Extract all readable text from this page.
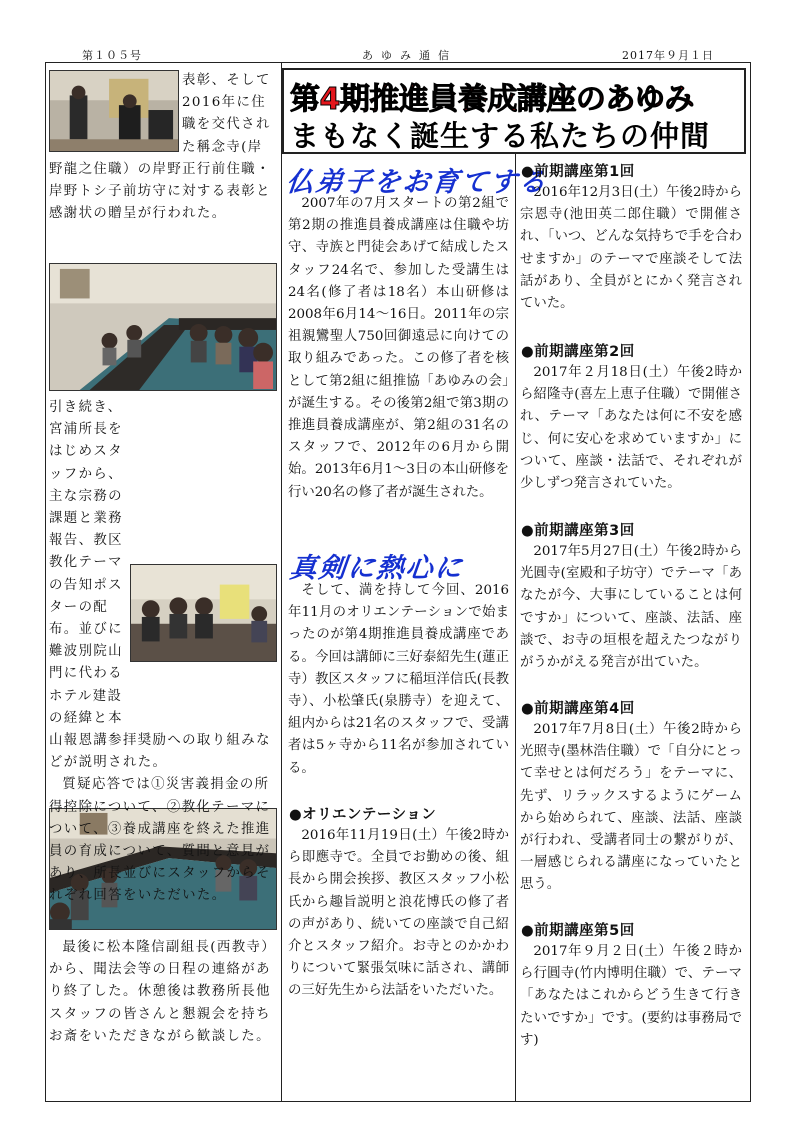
第１０５号	あゆみ通信	2017年９月１日
表彰、そして2016年に住職を交代された稱念寺(岸野龍之住職）の岸野正行前住職・岸野トシ子前坊守に対する表彰と感謝状の贈呈が行われた。
引き続き、宮浦所長をはじめスタッフから、主な宗務の課題と業務報告、教区教化テーマの告知ポスターの配布。並びに難波別院山門に代わるホテル建設の経緯と本山報恩講参拝奨励への取り組みなどが説明された。
質疑応答では①災害義捐金の所得控除について、②教化テーマについて、③養成講座を終えた推進員の育成について、質問と意見があり、所長並びにスタッフからそれぞれ回答をいただいた。
最後に松本隆信副組長(西教寺）から、聞法会等の日程の連絡があり終了した。休憩後は教務所長他スタッフの皆さんと懇親会を持ちお斎をいただきながら歓談した。
第4期推進員養成講座のあゆみ
まもなく誕生する私たちの仲間
仏弟子をお育てする
2007年の7月スタートの第2組で第2期の推進員養成講座は住職や坊守、寺族と門徒会あげて結成したスタッフ24名で、参加した受講生は24名(修了者は18名）本山研修は2008年6月14～16日。2011年の宗祖親鸞聖人750回御遠忌に向けての取り組みであった。この修了者を核として第2組に組推協「あゆみの会」が誕生する。その後第2組で第3期の推進員養成講座が、第2組の31名のスタッフで、2012年の6月から開始。2013年6月1～3日の本山研修を行い20名の修了者が誕生された。
真剣に熱心に
そして、満を持して今回、2016年11月のオリエンテーションで始まったのが第4期推進員養成講座である。今回は講師に三好泰紹先生(蓮正寺）教区スタッフに稲垣洋信氏(長教寺）、小松肇氏(泉勝寺）を迎えて、組内からは21名のスタッフで、受講者は5ヶ寺から11名が参加されている。
●オリエンテーション
2016年11月19日(土）午後2時から即應寺で。全員でお勤めの後、組長から開会挨拶、教区スタッフ小松氏から趣旨説明と浪花博氏の修了者の声があり、続いての座談で自己紹介とスタッフ紹介。お寺とのかかわりについて緊張気味に話され、講師の三好先生から法話をいただいた。
●前期講座第1回
2016年12月3日(土）午後2時から宗恩寺(池田英二郎住職）で開催され、「いつ、どんな気持ちで手を合わせますか」のテーマで座談そして法話があり、全員がとにかく発言されていた。
●前期講座第2回
2017年２月18日(土）午後2時から紹隆寺(喜左上恵子住職）で開催され、テーマ「あなたは何に不安を感じ、何に安心を求めていますか」について、座談・法話で、それぞれが少しずつ発言されていた。
●前期講座第3回
2017年5月27日(土）午後2時から光圓寺(室殿和子坊守）でテーマ「あなたが今、大事にしていることは何ですか」について、座談、法話、座談で、お寺の垣根を超えたつながりがうかがえる発言が出ていた。
●前期講座第4回
2017年7月8日(土）午後2時から光照寺(墨林浩住職）で「自分にとって幸せとは何だろう」をテーマに、先ず、リラックスするようにゲームから始められて、座談、法話、座談が行われ、受講者同士の繋がりが、一層感じられる講座になっていたと思う。
●前期講座第5回
2017年９月２日(土）午後２時から行圓寺(竹内博明住職）で、テーマ「あなたはこれからどう生きて行きたいですか」です。(要約は事務局です)
